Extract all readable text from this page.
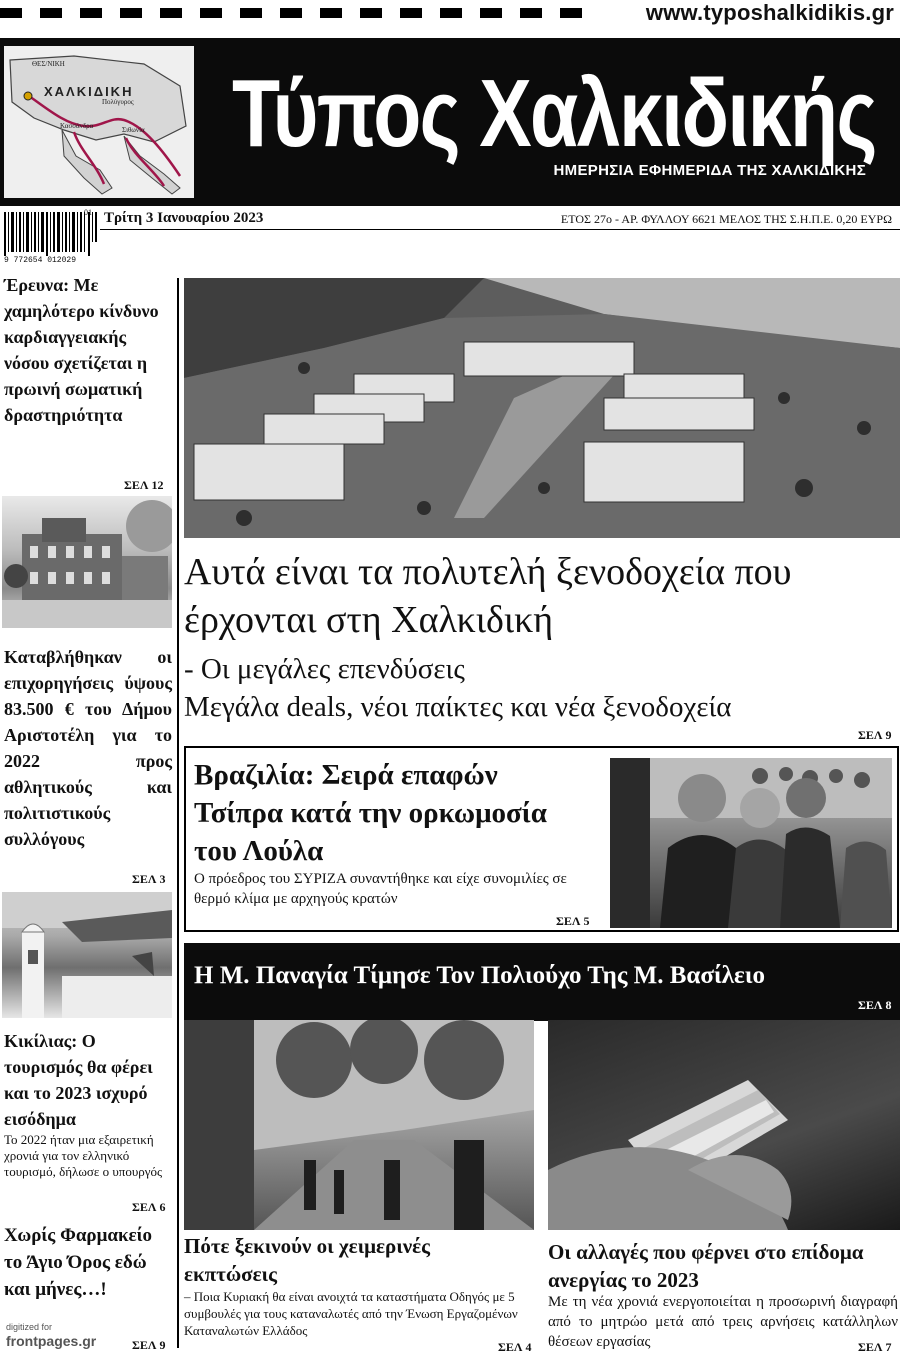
www.typoshalkidikis.gr
ΧΑΛΚΙΔΙΚΗ
ΘΕΣ/ΝΙΚΗ
Πολύγυρος
Κασσάνδρα	Σιθωνία Τύπος Χαλκιδικής
ΗΜΕΡΗΣΙΑ ΕΦΗΜΕΡΙΔΑ ΤΗΣ ΧΑΛΚΙΔΙΚΗΣ
9 772654 012029
01 Τρίτη 3 Ιανουαρίου 2023	ΕΤΟΣ 27ο - ΑΡ. ΦΥΛΛΟΥ 6621 ΜΕΛΟΣ ΤΗΣ Σ.Η.Π.Ε. 0,20 ΕΥΡΩ
Έρευνα: Με χαμηλότερο κίνδυνο καρδιαγγειακής νόσου σχετίζεται η πρωινή σωματική δραστηριότητα
ΣΕΛ 12
Καταβλήθηκαν οι επιχορηγήσεις ύψους 83.500 € του Δήμου Αριστοτέλη για το 2022 προς αθλητικούς και πολιτιστικούς συλλόγους
ΣΕΛ 3
Κικίλιας: Ο τουρισμός θα φέρει και το 2023 ισχυρό εισόδημα
Το 2022 ήταν μια εξαιρετική χρονιά για τον ελληνικό τουρισμό, δήλωσε ο υπουργός
ΣΕΛ 6
Χωρίς Φαρμακείο το Άγιο Όρος εδώ και μήνες…!
ΣΕΛ 9
digitized for
frontpages.gr
Αυτά είναι τα πολυτελή ξενοδοχεία που έρχονται στη Χαλκιδική
- Οι μεγάλες επενδύσεις
Μεγάλα deals, νέοι παίκτες και νέα ξενοδοχεία
ΣΕΛ 9
Βραζιλία: Σειρά επαφών Τσίπρα κατά την ορκωμοσία του Λούλα
Ο πρόεδρος του ΣΥΡΙΖΑ συναντήθηκε και είχε συνομιλίες σε θερμό κλίμα με αρχηγούς κρατών
ΣΕΛ 5
Η Μ. Παναγία Τίμησε Τον Πολιούχο Της Μ. Βασίλειο
ΣΕΛ 8
Πότε ξεκινούν οι χειμερινές εκπτώσεις
– Ποια Κυριακή θα είναι ανοιχτά τα καταστήματα Οδηγός με 5 συμβουλές για τους καταναλωτές από την Ένωση Εργαζομένων Καταναλωτών Ελλάδος
ΣΕΛ 4
Οι αλλαγές που φέρνει στο επίδομα ανεργίας το 2023
Με τη νέα χρονιά ενεργοποιείται η προσωρινή διαγραφή από το μητρώο μετά από τρεις αρνήσεις κατάλληλων θέσεων εργασίας	ΣΕΛ 7
